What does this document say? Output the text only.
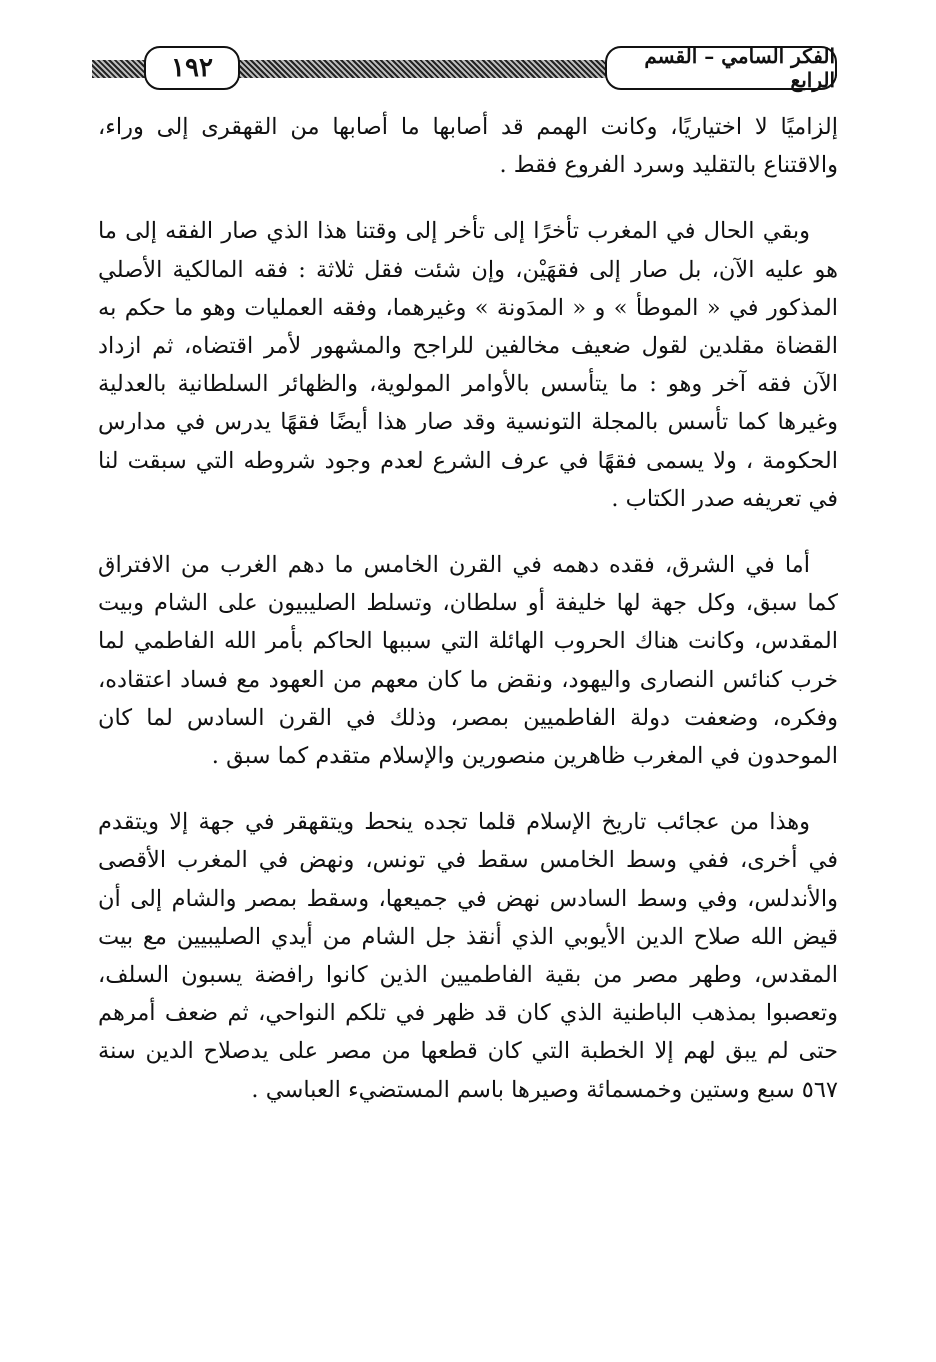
الفكر السامي – القسم الرابع
١٩٢

إلزاميًا لا اختياريًا، وكانت الهمم قد أصابها ما أصابها من القهقرى إلى وراء، والاقتناع بالتقليد وسرد الفروع فقط .

وبقي الحال في المغرب تأخرًا إلى تأخر إلى وقتنا هذا الذي صار الفقه إلى ما هو عليه الآن، بل صار إلى فقهَيْن، وإن شئت فقل ثلاثة : فقه المالكية الأصلي المذكور في « الموطأ » و « المدَونة » وغيرهما، وفقه العمليات وهو ما حكم به القضاة مقلدين لقول ضعيف مخالفين للراجح والمشهور لأمر اقتضاه، ثم ازداد الآن فقه آخر وهو : ما يتأسس بالأوامر المولوية، والظهائر السلطانية بالعدلية وغيرها كما تأسس بالمجلة التونسية وقد صار هذا أيضًا فقهًا يدرس في مدارس الحكومة ، ولا يسمى فقهًا في عرف الشرع لعدم وجود شروطه التي سبقت لنا في تعريفه صدر الكتاب .

أما في الشرق، فقده دهمه في القرن الخامس ما دهم الغرب من الافتراق كما سبق، وكل جهة لها خليفة أو سلطان، وتسلط الصليبيون على الشام وبيت المقدس، وكانت هناك الحروب الهائلة التي سببها الحاكم بأمر الله الفاطمي لما خرب كنائس النصارى واليهود، ونقض ما كان معهم من العهود مع فساد اعتقاده، وفكره، وضعفت دولة الفاطميين بمصر، وذلك في القرن السادس لما كان الموحدون في المغرب ظاهرين منصورين والإسلام متقدم كما سبق .

وهذا من عجائب تاريخ الإسلام قلما تجده ينحط ويتقهقر في جهة إلا ويتقدم في أخرى، ففي وسط الخامس سقط في تونس، ونهض في المغرب الأقصى والأندلس، وفي وسط السادس نهض في جميعها، وسقط بمصر والشام إلى أن قيض الله صلاح الدين الأيوبي الذي أنقذ جل الشام من أيدي الصليبيين مع بيت المقدس، وطهر مصر من بقية الفاطميين الذين كانوا رافضة يسبون السلف، وتعصبوا بمذهب الباطنية الذي كان قد ظهر في تلكم النواحي، ثم ضعف أمرهم حتى لم يبق لهم إلا الخطبة التي كان قطعها من مصر على يدصلاح الدين سنة ٥٦٧ سبع وستين وخمسمائة وصيرها باسم المستضيء العباسي .
